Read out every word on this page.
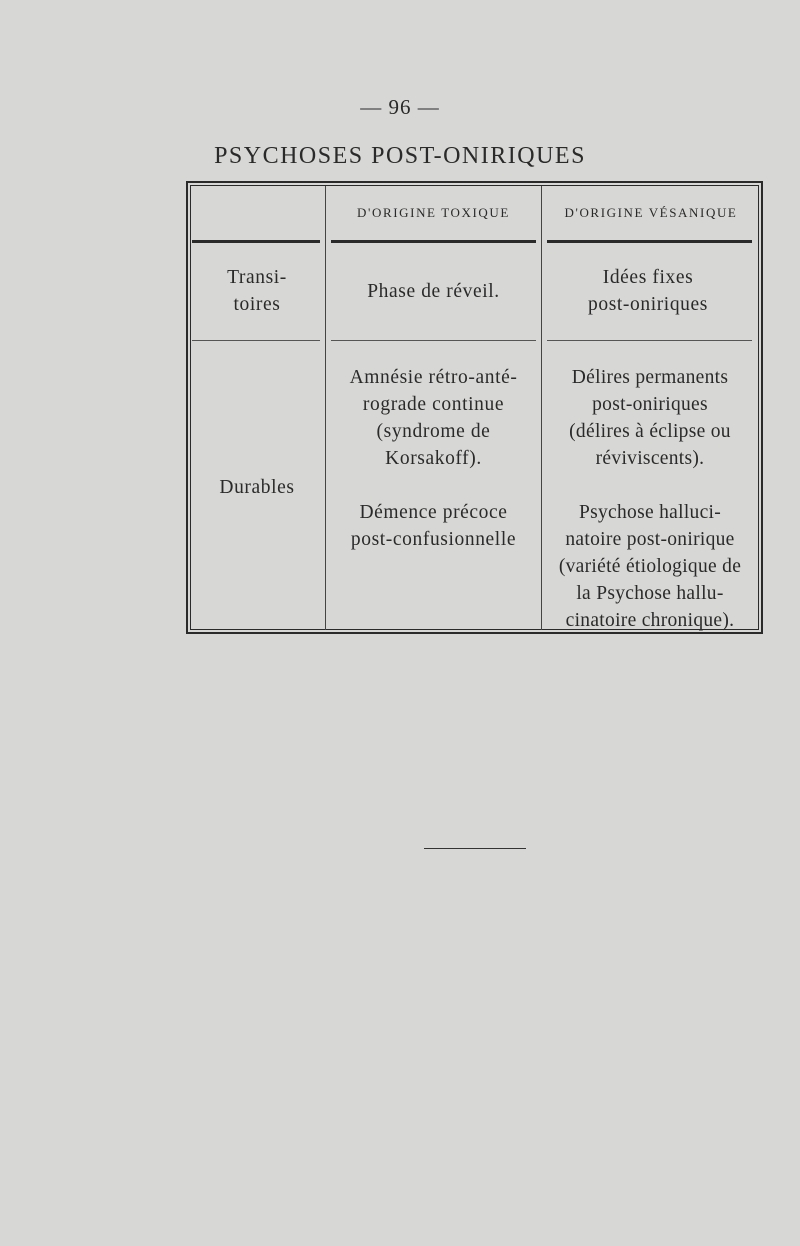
— 96 —
PSYCHOSES POST-ONIRIQUES
D'ORIGINE TOXIQUE	D'ORIGINE VÉSANIQUE
Transi-
toires
Phase de réveil.
Idées fixes
post-oniriques
Durables
Amnésie rétro-anté-
rograde continue
(syndrome de
Korsakoff).

Démence précoce
post-confusionnelle
Délires permanents
post-oniriques
(délires à éclipse ou
réviviscents).

Psychose halluci-
natoire post-onirique
(variété étiologique de
la Psychose hallu-
cinatoire chronique).
